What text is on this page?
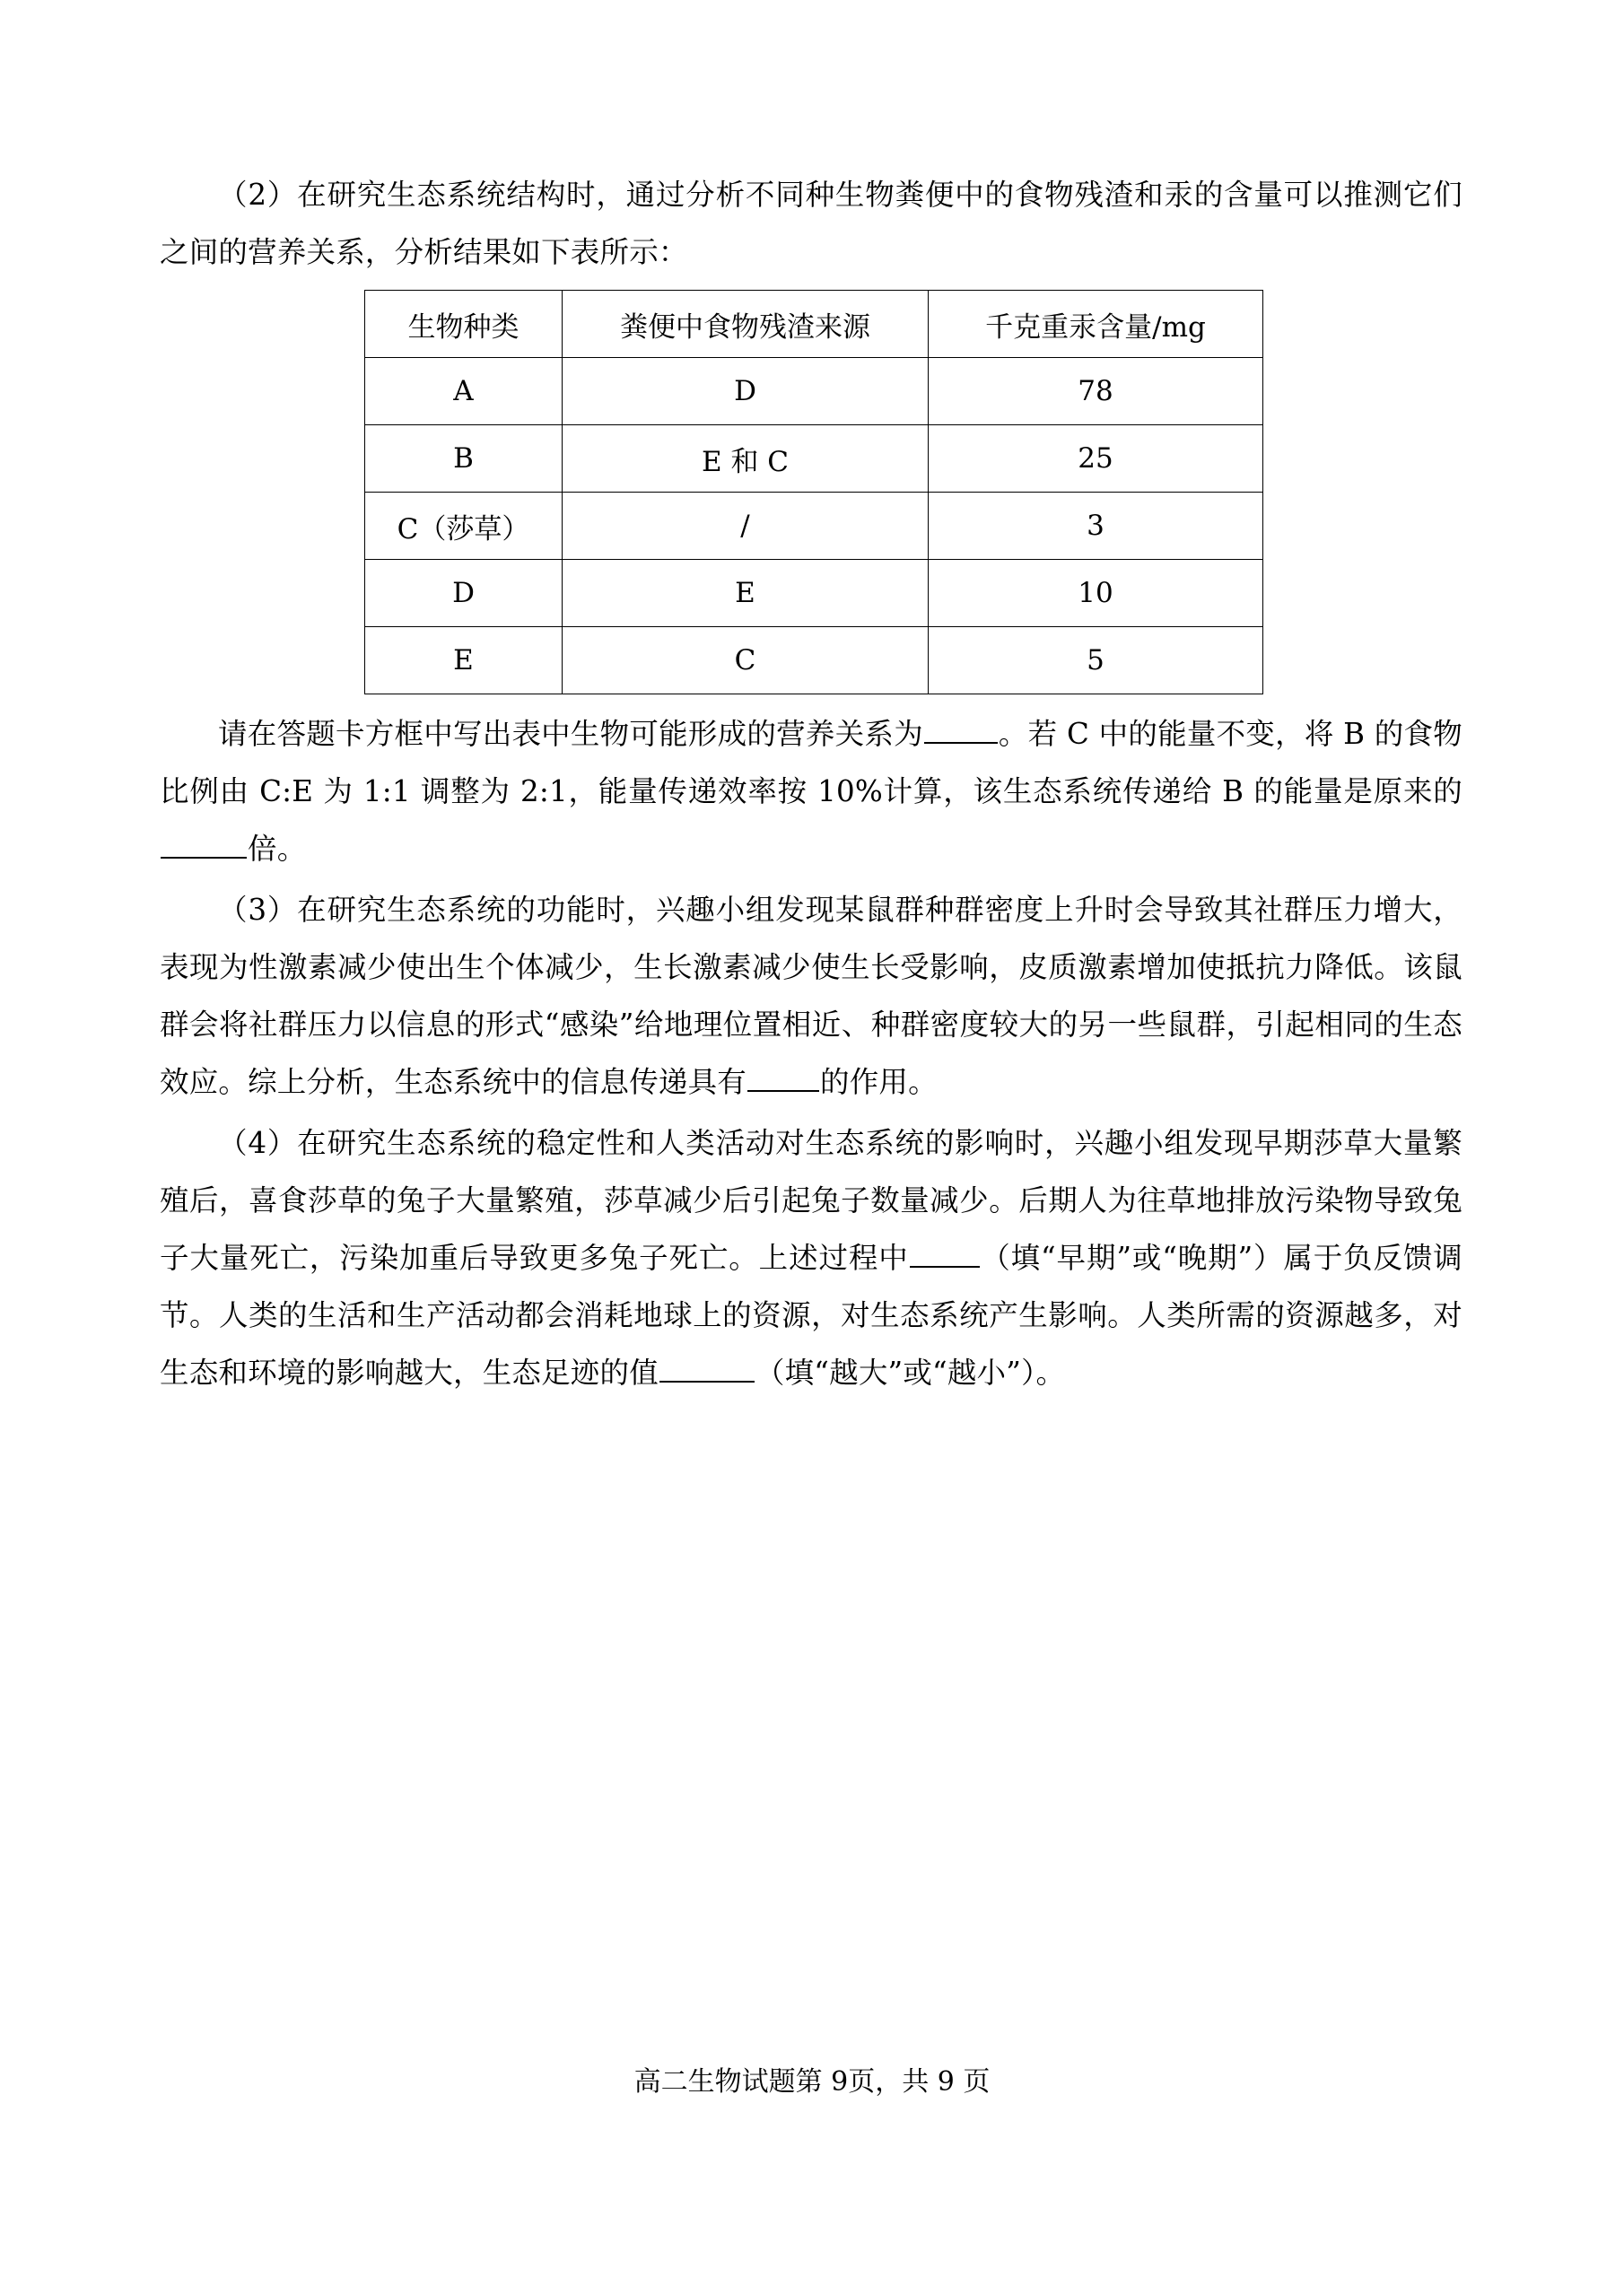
（2）在研究生态系统结构时，通过分析不同种生物粪便中的食物残渣和汞的含量可以推测它们之间的营养关系，分析结果如下表所示：

生物种类	粪便中食物残渣来源	千克重汞含量/mg
A	D	78
B	E 和 C	25
C（莎草）	/	3
D	E	10
E	C	5

请在答题卡方框中写出表中生物可能形成的营养关系为	。若 C 中的能量不变，将 B 的食物比例由 C:E 为 1:1 调整为 2:1，能量传递效率按 10%计算，该生态系统传递给 B 的能量是原来的倍。

（3）在研究生态系统的功能时，兴趣小组发现某鼠群种群密度上升时会导致其社群压力增大，表现为性激素减少使出生个体减少，生长激素减少使生长受影响，皮质激素增加使抵抗力降低。该鼠群会将社群压力以信息的形式“感染”给地理位置相近、种群密度较大的另一些鼠群，引起相同的生态效应。综上分析，生态系统中的信息传递具有	的作用。

（4）在研究生态系统的稳定性和人类活动对生态系统的影响时，兴趣小组发现早期莎草大量繁殖后，喜食莎草的兔子大量繁殖，莎草减少后引起兔子数量减少。后期人为往草地排放污染物导致兔子大量死亡，污染加重后导致更多兔子死亡。上述过程中 （填“早期”或“晚期”）属于负反馈调节。人类的生活和生产活动都会消耗地球上的资源，对生态系统产生影响。人类所需的资源越多，对生态和环境的影响越大，生态足迹的值	（填“越大”或“越小”）。

高二生物试题第 9页，共 9 页
